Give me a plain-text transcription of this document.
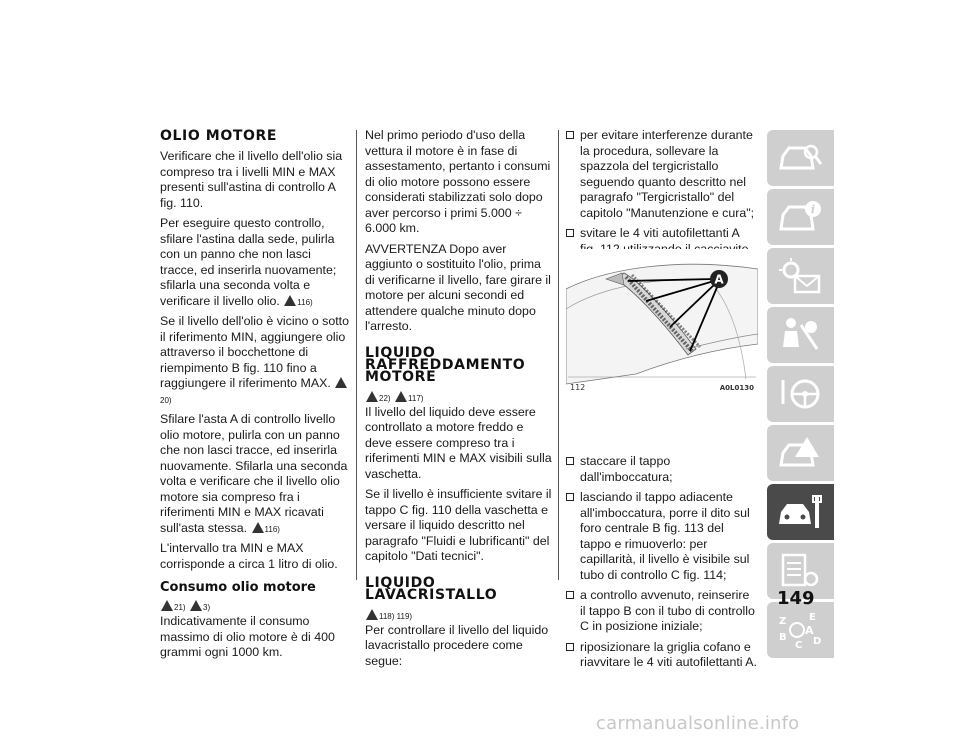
OLIO MOTORE

Verificare che il livello dell'olio sia compreso tra i livelli MIN e MAX presenti sull'astina di controllo A fig. 110.

Per eseguire questo controllo, sfilare l'astina dalla sede, pulirla con un panno che non lasci tracce, ed inserirla nuovamente; sfilarla una seconda volta e verificare il livello olio. 116)

Se il livello dell'olio è vicino o sotto il riferimento MIN, aggiungere olio attraverso il bocchettone di riempimento B fig. 110 fino a raggiungere il riferimento MAX. 20)

Sfilare l'asta A di controllo livello olio motore, pulirla con un panno che non lasci tracce, ed inserirla nuovamente. Sfilarla una seconda volta e verificare che il livello olio motore sia compreso fra i riferimenti MIN e MAX ricavati sull'asta stessa. 116)

L'intervallo tra MIN e MAX corrisponde a circa 1 litro di olio.

Consumo olio motore
21) 3)

Indicativamente il consumo massimo di olio motore è di 400 grammi ogni 1000 km.

Nel primo periodo d'uso della vettura il motore è in fase di assestamento, pertanto i consumi di olio motore possono essere considerati stabilizzati solo dopo aver percorso i primi 5.000 ÷ 6.000 km.

AVVERTENZA Dopo aver aggiunto o sostituito l'olio, prima di verificarne il livello, fare girare il motore per alcuni secondi ed attendere qualche minuto dopo l'arresto.

LIQUIDO RAFFREDDAMENTO MOTORE
22) 117)

Il livello del liquido deve essere controllato a motore freddo e deve essere compreso tra i riferimenti MIN e MAX visibili sulla vaschetta.

Se il livello è insufficiente svitare il tappo C fig. 110 della vaschetta e versare il liquido descritto nel paragrafo "Fluidi e lubrificanti" del capitolo "Dati tecnici".

LIQUIDO LAVACRISTALLO
118) 119)

Per controllare il livello del liquido lavacristallo procedere come segue:

per evitare interferenze durante la procedura, sollevare la spazzola del tergicristallo seguendo quanto descritto nel paragrafo "Tergicristallo" del capitolo "Manutenzione e cura";
svitare le 4 viti autofilettanti A
staccare il tappo dall'imboccatura;
lasciando il tappo adiacente all'imboccatura, porre il dito sul foro centrale B fig. 113 del tappo e rimuoverlo: per capillarità, il livello è visibile sul tubo di controllo C fig. 114;
a controllo avvenuto, reinserire il tappo B con il tubo di controllo C in posizione iniziale;
riposizionare la griglia cofano e riavvitare le 4 viti autofilettanti A.
A
112	A0L0130
i
Z E
A
B
C D
149
carmanualsonline.info
